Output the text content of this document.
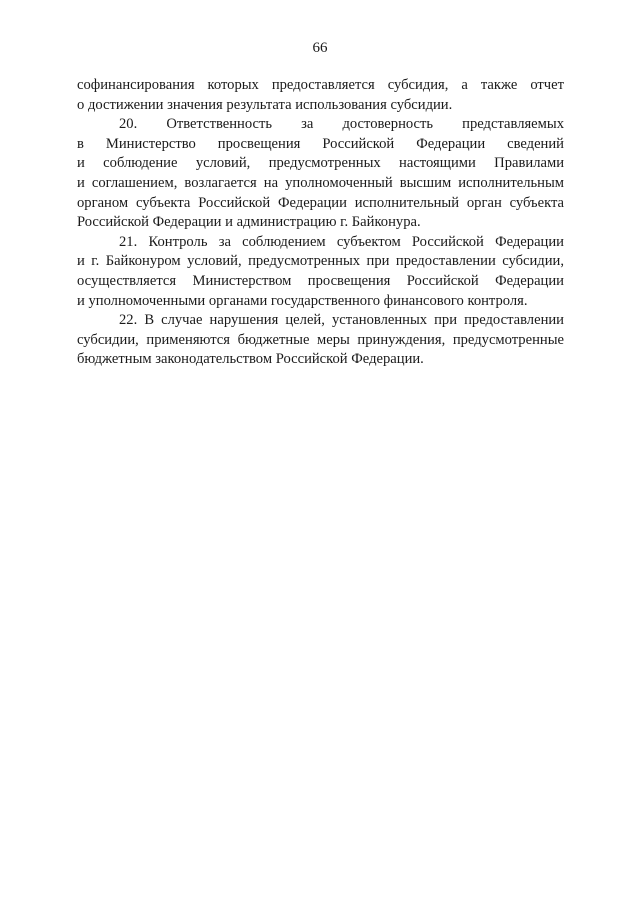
66

софинансирования которых предоставляется субсидия, а также отчет
о достижении значения результата использования субсидии.

20. Ответственность за достоверность представляемых
в Министерство просвещения Российской Федерации сведений
и соблюдение условий, предусмотренных настоящими Правилами
и соглашением, возлагается на уполномоченный высшим исполнительным
органом субъекта Российской Федерации исполнительный орган субъекта
Российской Федерации и администрацию г. Байконура.

21. Контроль за соблюдением субъектом Российской Федерации
и г. Байконуром условий, предусмотренных при предоставлении субсидии,
осуществляется Министерством просвещения Российской Федерации
и уполномоченными органами государственного финансового контроля.

22. В случае нарушения целей, установленных при предоставлении
субсидии, применяются бюджетные меры принуждения, предусмотренные
бюджетным законодательством Российской Федерации.
